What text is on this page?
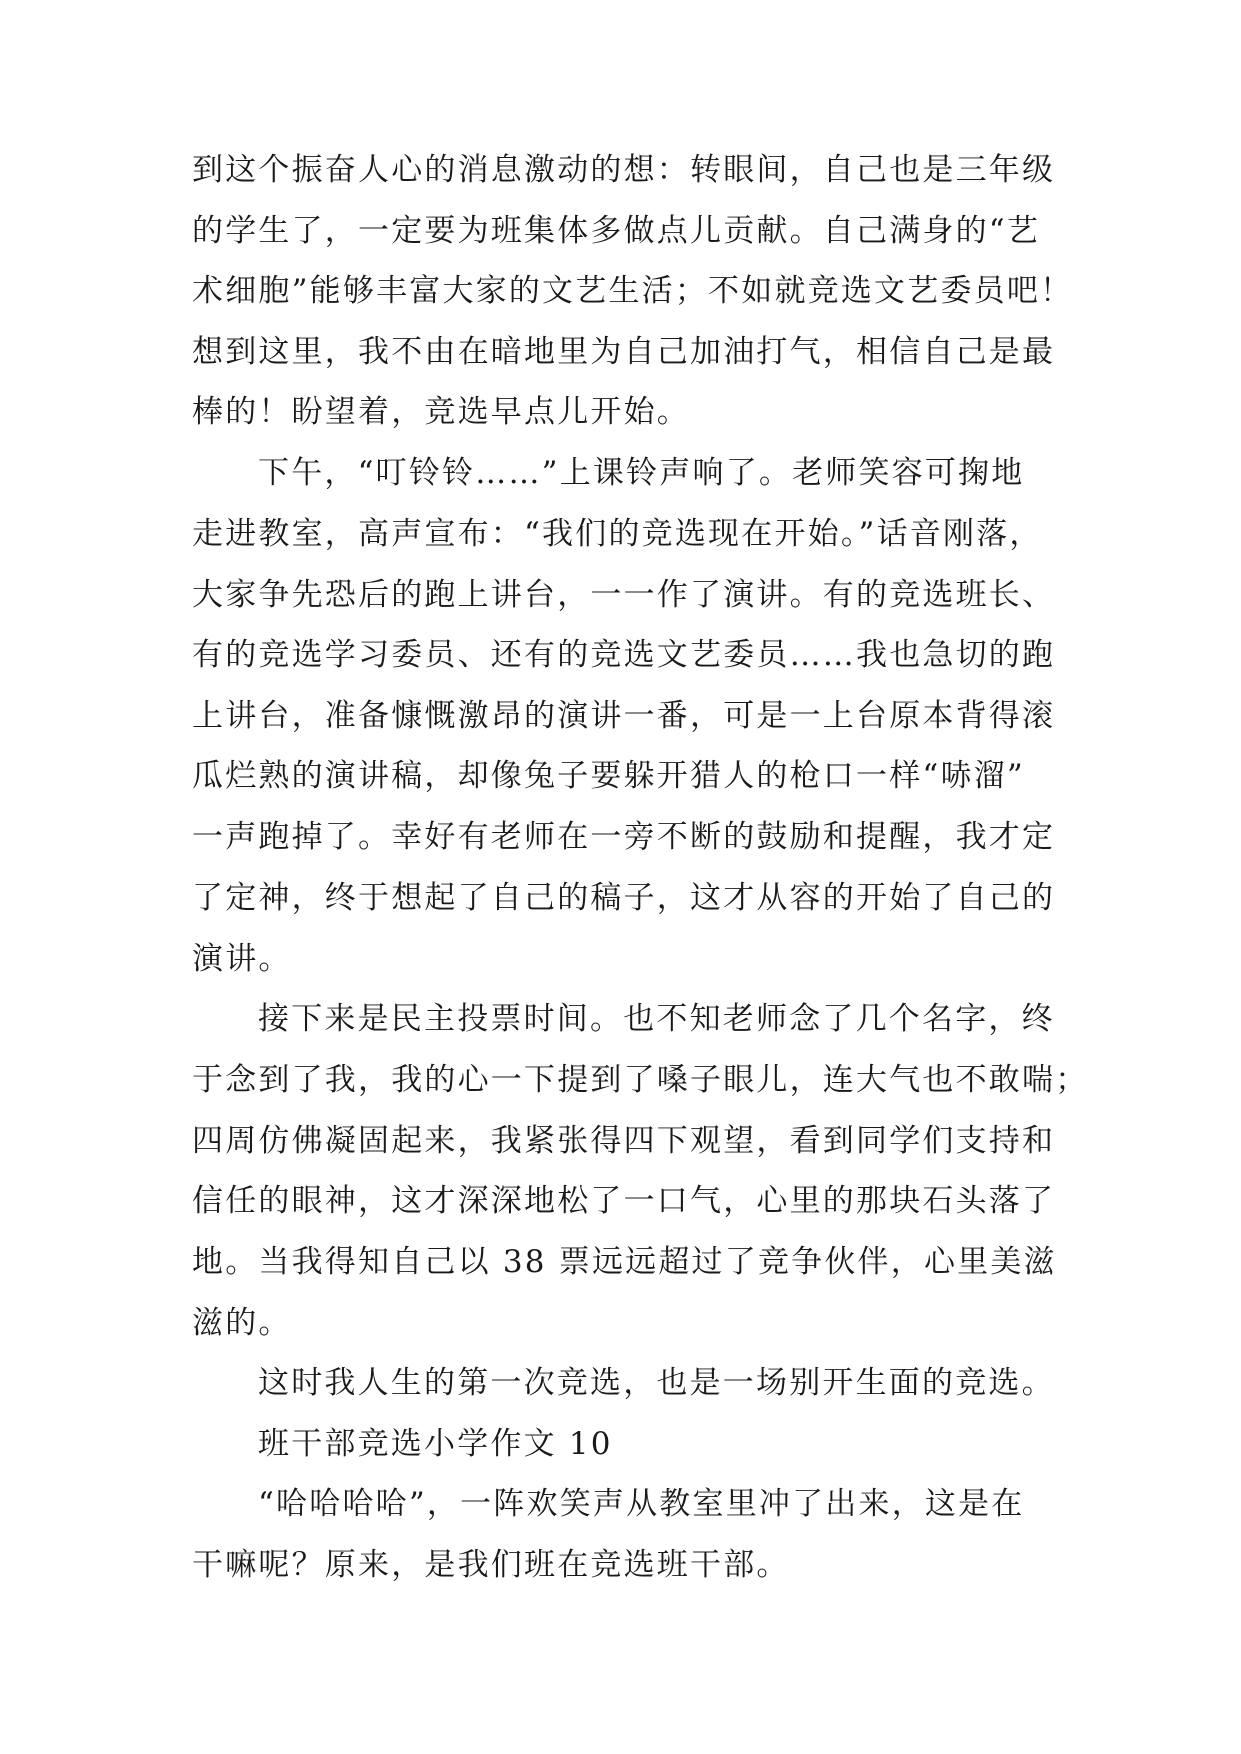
到这个振奋人心的消息激动的想：转眼间，自己也是三年级
的学生了，一定要为班集体多做点儿贡献。自己满身的“艺
术细胞”能够丰富大家的文艺生活；不如就竞选文艺委员吧！
想到这里，我不由在暗地里为自己加油打气，相信自己是最
棒的！盼望着，竞选早点儿开始。
下午，“叮铃铃……”上课铃声响了。老师笑容可掬地
走进教室，高声宣布：“我们的竞选现在开始。”话音刚落，
大家争先恐后的跑上讲台，一一作了演讲。有的竞选班长、
有的竞选学习委员、还有的竞选文艺委员……我也急切的跑
上讲台，准备慷慨激昂的演讲一番，可是一上台原本背得滚
瓜烂熟的演讲稿，却像兔子要躲开猎人的枪口一样“哧溜”
一声跑掉了。幸好有老师在一旁不断的鼓励和提醒，我才定
了定神，终于想起了自己的稿子，这才从容的开始了自己的
演讲。
接下来是民主投票时间。也不知老师念了几个名字，终
于念到了我，我的心一下提到了嗓子眼儿，连大气也不敢喘；
四周仿佛凝固起来，我紧张得四下观望，看到同学们支持和
信任的眼神，这才深深地松了一口气，心里的那块石头落了
地。当我得知自己以 38 票远远超过了竞争伙伴，心里美滋
滋的。
这时我人生的第一次竞选，也是一场别开生面的竞选。
班干部竞选小学作文 10
“哈哈哈哈”，一阵欢笑声从教室里冲了出来，这是在
干嘛呢？原来，是我们班在竞选班干部。
